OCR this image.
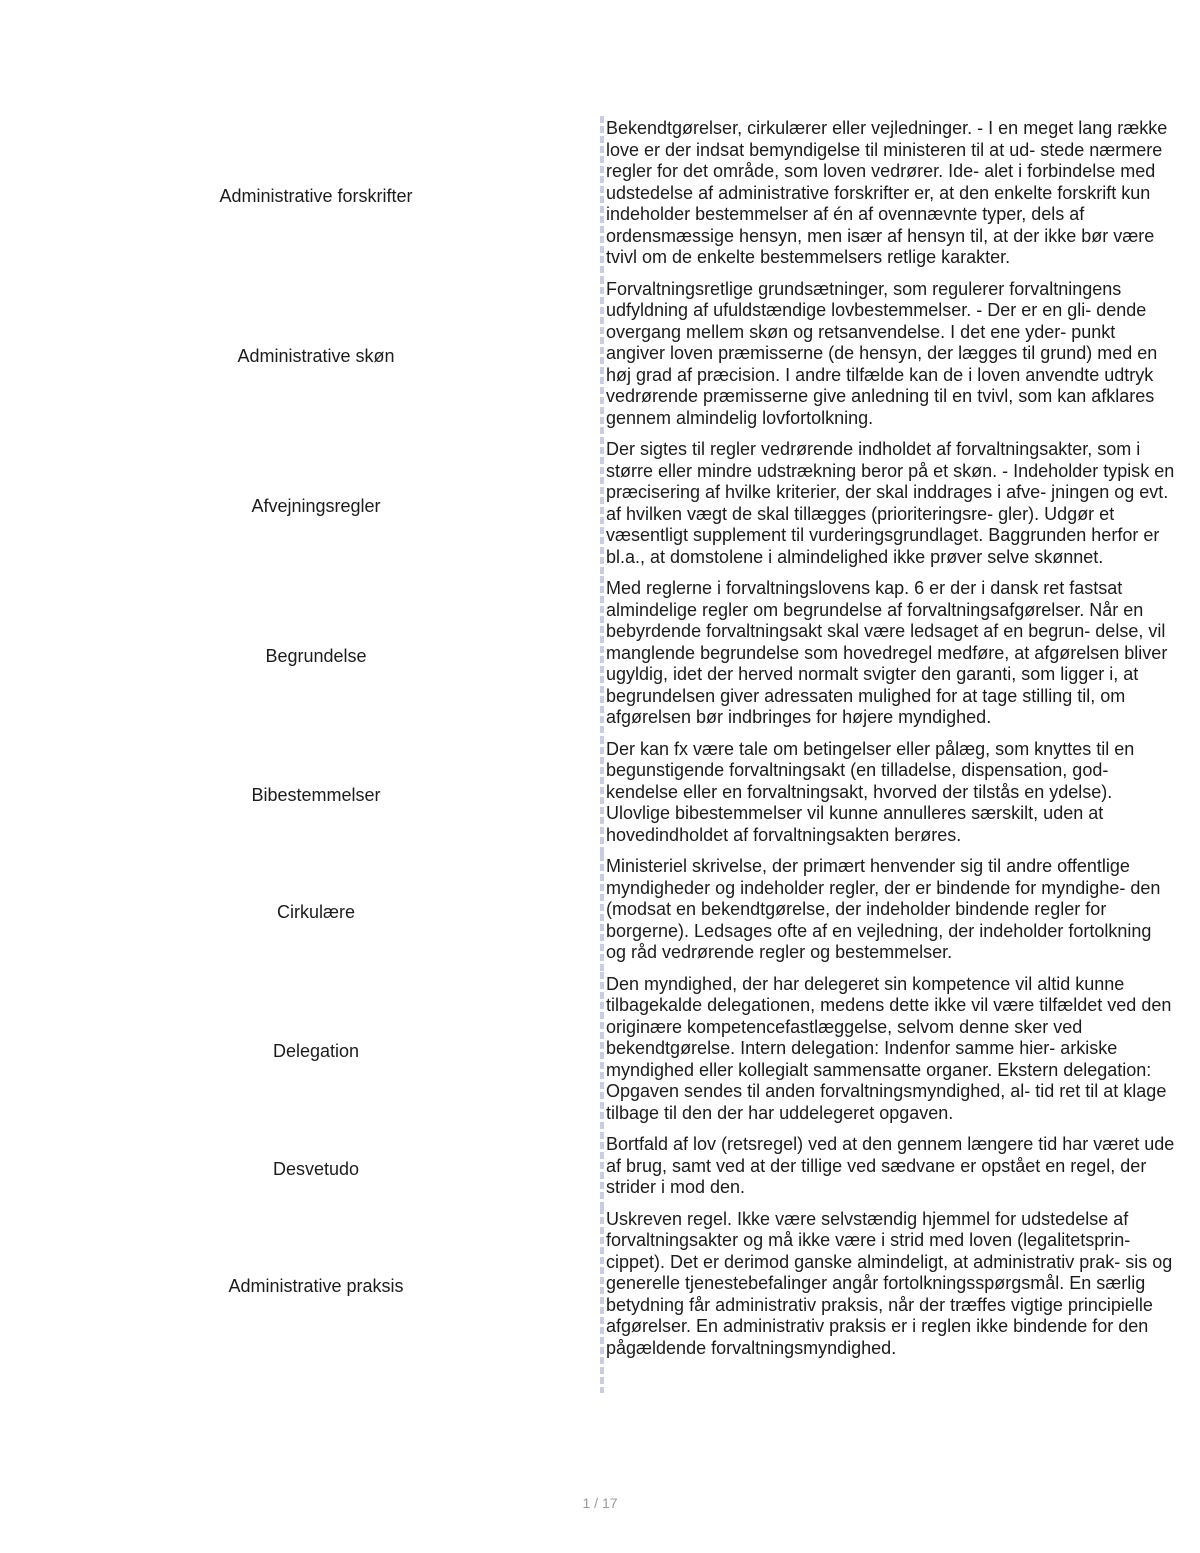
Administrative forskrifter
Bekendtgørelser, cirkulærer eller vejledninger. - I en meget lang række love er der indsat bemyndigelse til ministeren til at ud- stede nærmere regler for det område, som loven vedrører. Ide- alet i forbindelse med udstedelse af administrative forskrifter er, at den enkelte forskrift kun indeholder bestemmelser af én af ovennævnte typer, dels af ordensmæssige hensyn, men især af hensyn til, at der ikke bør være tvivl om de enkelte bestemmelsers retlige karakter.
Administrative skøn
Forvaltningsretlige grundsætninger, som regulerer forvaltningens udfyldning af ufuldstændige lovbestemmelser. - Der er en gli- dende overgang mellem skøn og retsanvendelse. I det ene yder- punkt angiver loven præmisserne (de hensyn, der lægges til grund) med en høj grad af præcision. I andre tilfælde kan de i loven anvendte udtryk vedrørende præmisserne give anledning til en tvivl, som kan afklares gennem almindelig lovfortolkning.
Afvejningsregler
Der sigtes til regler vedrørende indholdet af forvaltningsakter, som i større eller mindre udstrækning beror på et skøn. - Indeholder typisk en præcisering af hvilke kriterier, der skal inddrages i afve- jningen og evt. af hvilken vægt de skal tillægges (prioriteringsre- gler). Udgør et væsentligt supplement til vurderingsgrundlaget. Baggrunden herfor er bl.a., at domstolene i almindelighed ikke prøver selve skønnet.
Begrundelse
Med reglerne i forvaltningslovens kap. 6 er der i dansk ret fastsat almindelige regler om begrundelse af forvaltningsafgørelser. Når en bebyrdende forvaltningsakt skal være ledsaget af en begrun- delse, vil manglende begrundelse som hovedregel medføre, at afgørelsen bliver ugyldig, idet der herved normalt svigter den garanti, som ligger i, at begrundelsen giver adressaten mulighed for at tage stilling til, om afgørelsen bør indbringes for højere myndighed.
Bibestemmelser
Der kan fx være tale om betingelser eller pålæg, som knyttes til en begunstigende forvaltningsakt (en tilladelse, dispensation, god- kendelse eller en forvaltningsakt, hvorved der tilstås en ydelse). Ulovlige bibestemmelser vil kunne annulleres særskilt, uden at hovedindholdet af forvaltningsakten berøres.
Cirkulære
Ministeriel skrivelse, der primært henvender sig til andre offentlige myndigheder og indeholder regler, der er bindende for myndighe- den (modsat en bekendtgørelse, der indeholder bindende regler for borgerne). Ledsages ofte af en vejledning, der indeholder fortolkning og råd vedrørende regler og bestemmelser.
Delegation
Den myndighed, der har delegeret sin kompetence vil altid kunne tilbagekalde delegationen, medens dette ikke vil være tilfældet ved den originære kompetencefastlæggelse, selvom denne sker ved bekendtgørelse. Intern delegation: Indenfor samme hier- arkiske myndighed eller kollegialt sammensatte organer. Ekstern delegation: Opgaven sendes til anden forvaltningsmyndighed, al- tid ret til at klage tilbage til den der har uddelegeret opgaven.
Desvetudo
Bortfald af lov (retsregel) ved at den gennem længere tid har været ude af brug, samt ved at der tillige ved sædvane er opstået en regel, der strider i mod den.
Administrative praksis
Uskreven regel. Ikke være selvstændig hjemmel for udstedelse af forvaltningsakter og må ikke være i strid med loven (legalitetsprin- cippet). Det er derimod ganske almindeligt, at administrativ prak- sis og generelle tjenestebefalinger angår fortolkningsspørgsmål. En særlig betydning får administrativ praksis, når der træffes vigtige principielle afgørelser. En administrativ praksis er i reglen ikke bindende for den pågældende forvaltningsmyndighed.
1 / 17
